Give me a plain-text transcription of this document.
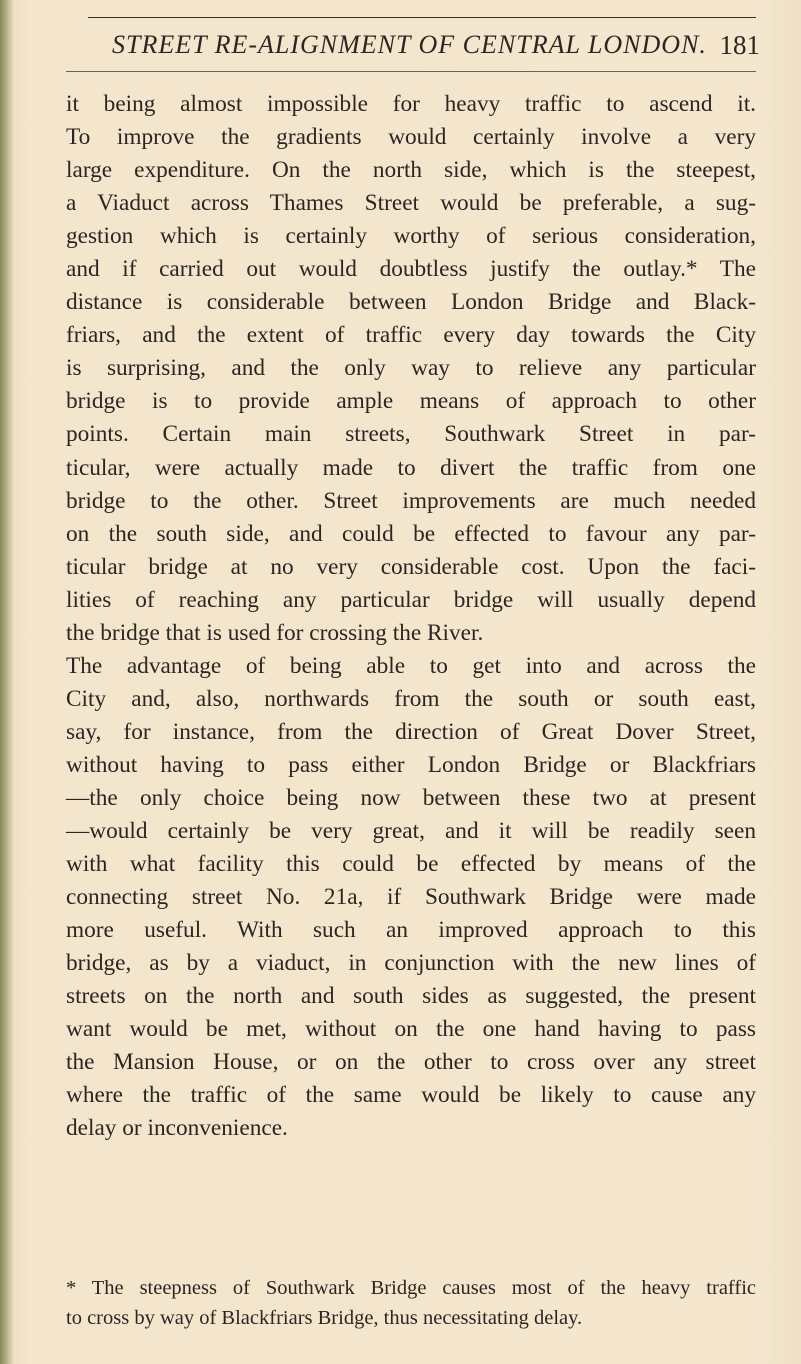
STREET RE-ALIGNMENT OF CENTRAL LONDON. 181
it being almost impossible for heavy traffic to ascend it.
To improve the gradients would certainly involve a very
large expenditure. On the north side, which is the steepest,
a Viaduct across Thames Street would be preferable, a sug-
gestion which is certainly worthy of serious consideration,
and if carried out would doubtless justify the outlay.* The
distance is considerable between London Bridge and Black-
friars, and the extent of traffic every day towards the City
is surprising, and the only way to relieve any particular
bridge is to provide ample means of approach to other
points. Certain main streets, Southwark Street in par-
ticular, were actually made to divert the traffic from one
bridge to the other. Street improvements are much needed
on the south side, and could be effected to favour any par-
ticular bridge at no very considerable cost. Upon the faci-
lities of reaching any particular bridge will usually depend
the bridge that is used for crossing the River.
The advantage of being able to get into and across the
City and, also, northwards from the south or south east,
say, for instance, from the direction of Great Dover Street,
without having to pass either London Bridge or Blackfriars
—the only choice being now between these two at present
—would certainly be very great, and it will be readily seen
with what facility this could be effected by means of the
connecting street No. 21a, if Southwark Bridge were made
more useful. With such an improved approach to this
bridge, as by a viaduct, in conjunction with the new lines of
streets on the north and south sides as suggested, the present
want would be met, without on the one hand having to pass
the Mansion House, or on the other to cross over any street
where the traffic of the same would be likely to cause any
delay or inconvenience.
* The steepness of Southwark Bridge causes most of the heavy traffic
to cross by way of Blackfriars Bridge, thus necessitating delay.
